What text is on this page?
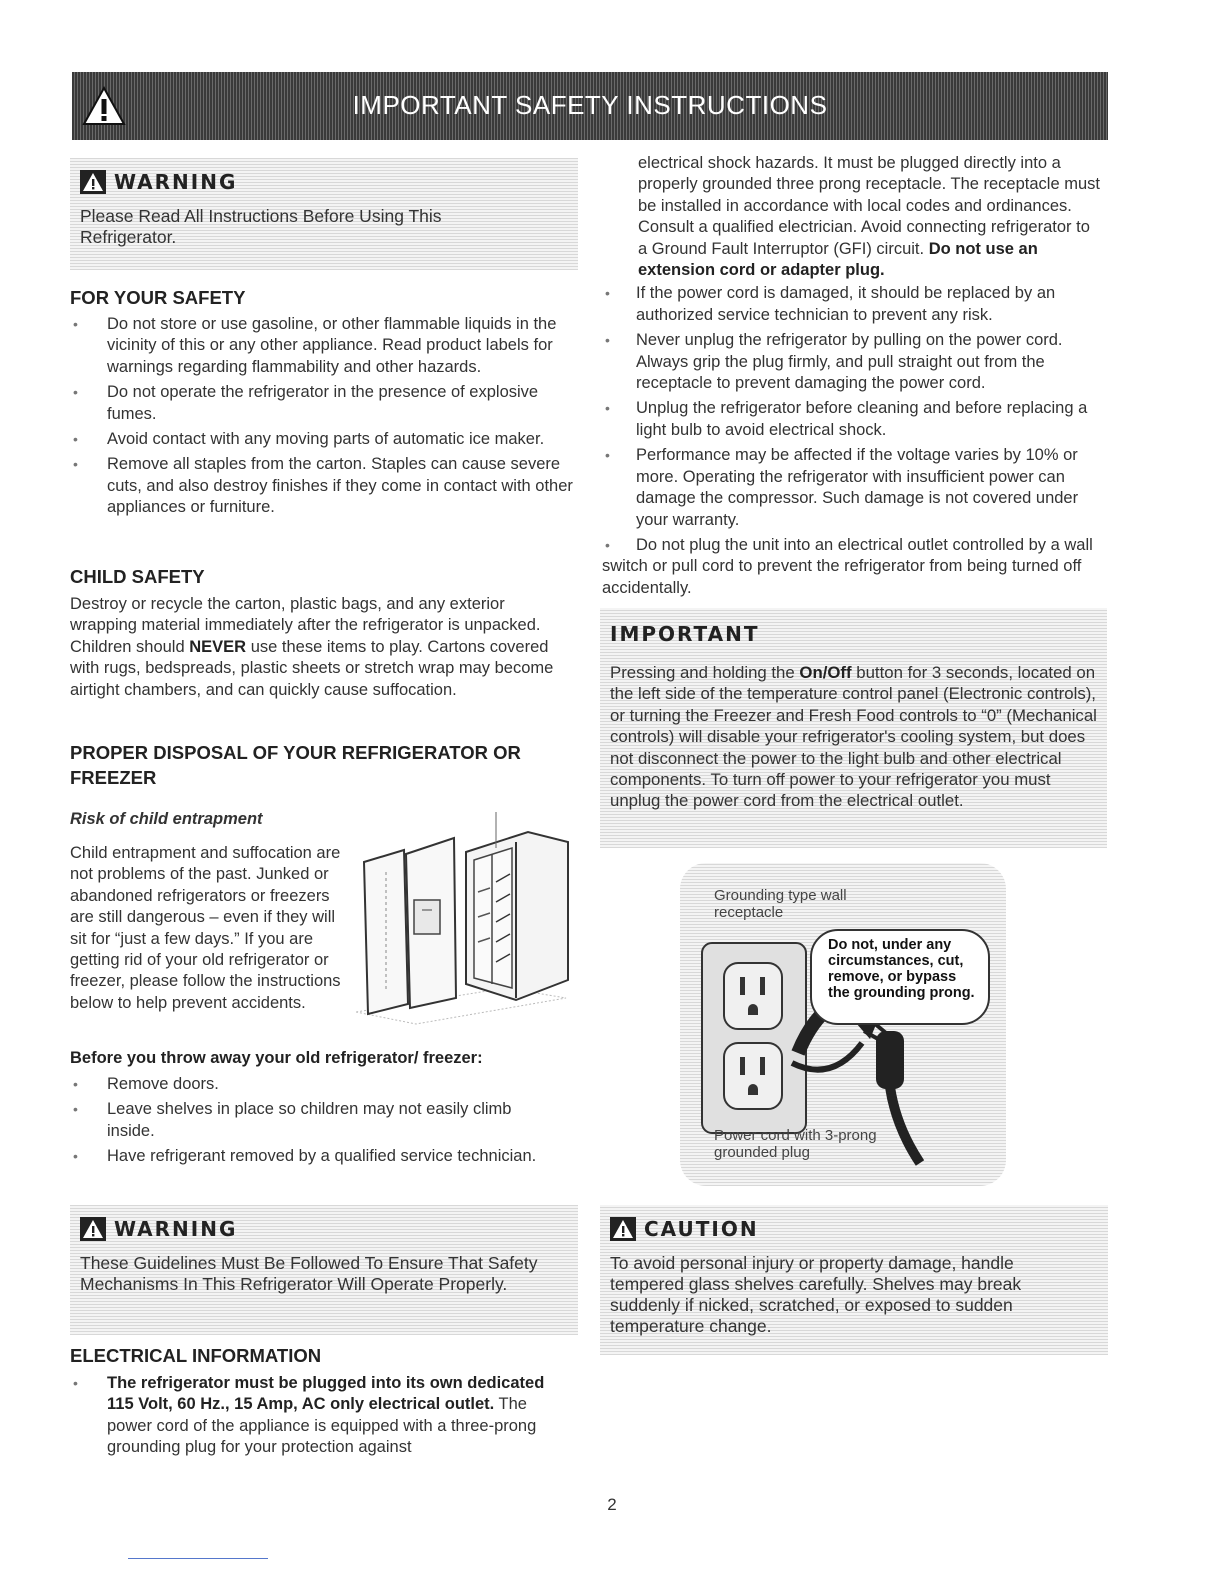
IMPORTANT SAFETY INSTRUCTIONS
WARNING
Please Read All Instructions Before Using This Refrigerator.
FOR YOUR SAFETY
• Do not store or use gasoline, or other flammable liquids in the vicinity of this or any other appliance. Read product labels for warnings regarding flammability and other hazards.
• Do not operate the refrigerator in the presence of explosive fumes.
• Avoid contact with any moving parts of automatic ice maker.
• Remove all staples from the carton. Staples can cause severe cuts, and also destroy finishes if they come in contact with other appliances or furniture.
CHILD SAFETY

Destroy or recycle the carton, plastic bags, and any exterior wrapping material immediately after the refrigerator is unpacked. Children should NEVER use these items to play. Cartons covered with rugs, bedspreads, plastic sheets or stretch wrap may become airtight chambers, and can quickly cause suffocation.

PROPER DISPOSAL OF YOUR REFRIGERATOR OR FREEZER
Risk of child entrapment

Child entrapment and suffocation are not problems of the past. Junked or abandoned refrigerators or freezers are still dangerous – even if they will sit for “just a few days.” If you are getting rid of your old refrigerator or freezer, please follow the instructions below to help prevent accidents.

Before you throw away your old refrigerator/ freezer:
• Remove doors.
• Leave shelves in place so children may not easily climb inside.
• Have refrigerant removed by a qualified service technician.
WARNING
These Guidelines Must Be Followed To Ensure That Safety Mechanisms In This Refrigerator Will Operate Properly.
ELECTRICAL INFORMATION
• The refrigerator must be plugged into its own dedicated 115 Volt, 60 Hz., 15 Amp, AC only electrical outlet. The power cord of the appliance is equipped with a three-prong grounding plug for your protection against

electrical shock hazards. It must be plugged directly into a properly grounded three prong receptacle. The receptacle must be installed in accordance with local codes and ordinances. Consult a qualified electrician. Avoid connecting refrigerator to a Ground Fault Interruptor (GFI) circuit. Do not use an extension cord or adapter plug.

• If the power cord is damaged, it should be replaced by an authorized service technician to prevent any risk.
• Never unplug the refrigerator by pulling on the power cord. Always grip the plug firmly, and pull straight out from the receptacle to prevent damaging the power cord.
• Unplug the refrigerator before cleaning and before replacing a light bulb to avoid electrical shock.
• Performance may be affected if the voltage varies by 10% or more. Operating the refrigerator with insufficient power can damage the compressor. Such damage is not covered under your warranty.

• Do not plug the unit into an electrical outlet controlled by a wall switch or pull cord to prevent the refrigerator from being turned off accidentally.

IMPORTANT
Pressing and holding the On/Off button for 3 seconds, located on the left side of the temperature control panel (Electronic controls), or turning the Freezer and Fresh Food controls to “0” (Mechanical controls) will disable your refrigerator's cooling system, but does not disconnect the power to the light bulb and other electrical components. To turn off power to your refrigerator you must unplug the power cord from the electrical outlet.
Grounding type wall receptacle
Do not, under any circumstances, cut, remove, or bypass the grounding prong.
Power cord with 3-prong grounded plug
CAUTION
To avoid personal injury or property damage, handle tempered glass shelves carefully. Shelves may break suddenly if nicked, scratched, or exposed to sudden temperature change.
2
